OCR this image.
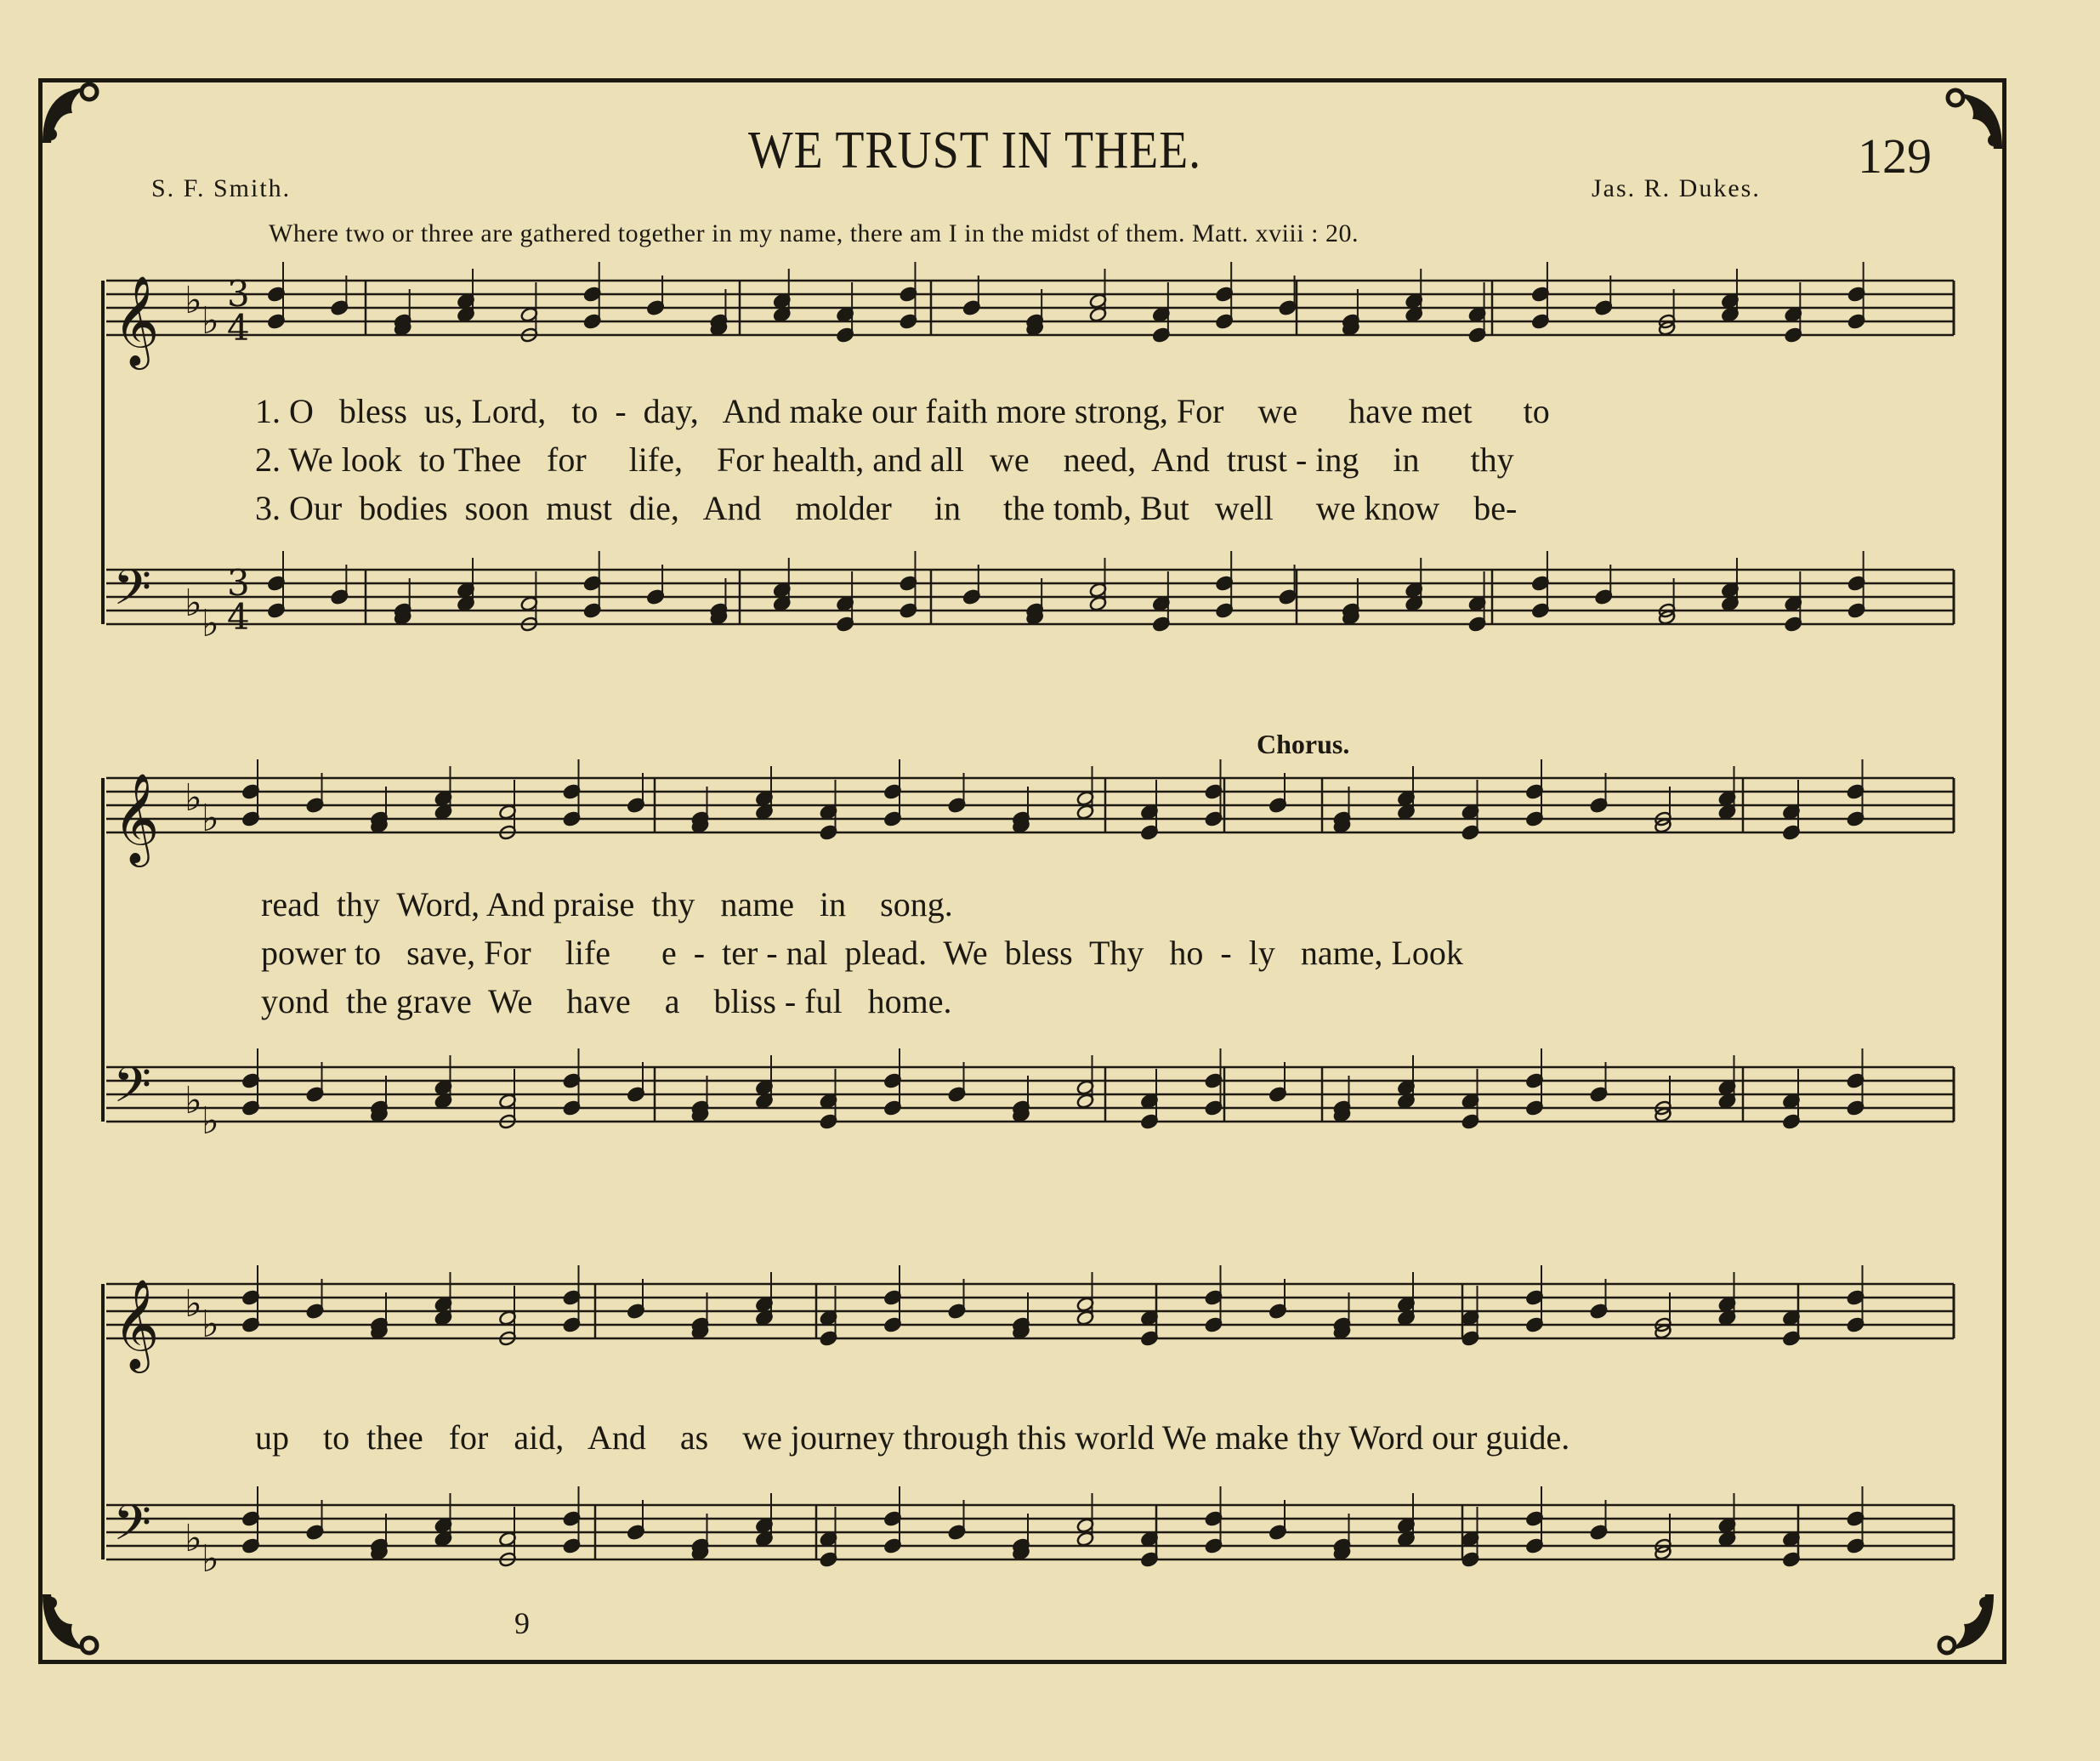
WE TRUST IN THEE.	129
S. F. Smith.	Jas. R. Dukes.
Where two or three are gathered together in my name, there am I in the midst of them. Matt. xviii : 20.
𝄞 ♭ ♭
3
4
𝄢 ♭ ♭
3
4
𝄞 ♭ ♭
𝄢 ♭ ♭
𝄞 ♭ ♭
𝄢 ♭ ♭
1. O   bless  us, Lord,   to  -  day,   And make our faith more strong, For    we      have met      to
2. We look  to Thee   for     life,    For health, and all   we    need,  And  trust - ing    in      thy
3. Our  bodies  soon  must  die,   And    molder     in     the tomb, But   well     we know    be-
Chorus.
read  thy  Word, And praise  thy   name   in    song.
power to   save, For    life      e  -  ter - nal  plead.  We  bless  Thy   ho  -  ly   name, Look
yond  the grave  We    have    a    bliss - ful   home.
up    to  thee   for   aid,   And    as    we journey through this world We make thy Word our guide.
9
